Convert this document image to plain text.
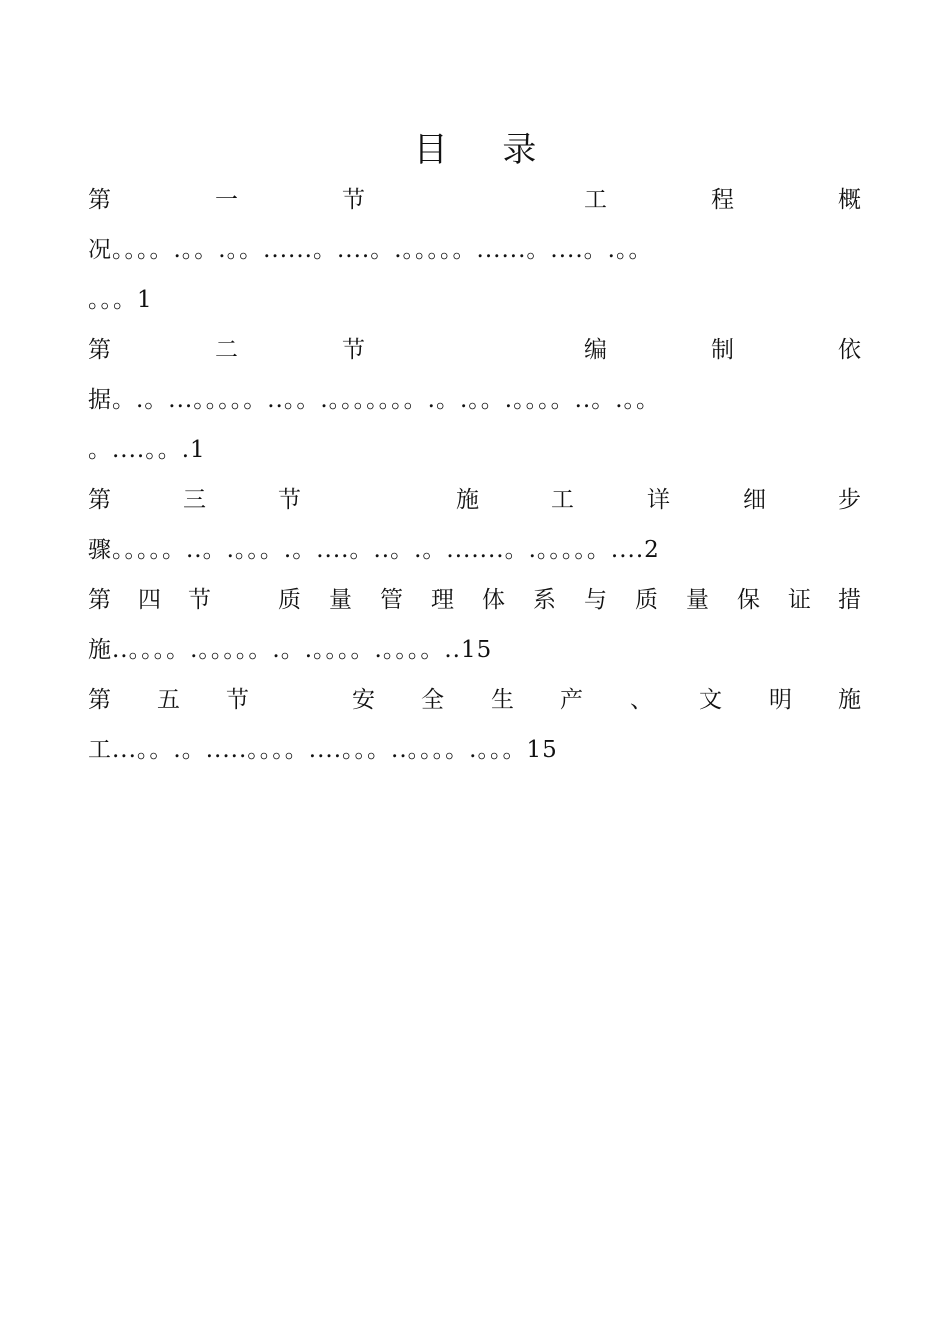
目 录
第	一	节	工	程	概
况。。。。.。。.。。......。....。.。。。。。......。....。.。。
。。。1
第	二	节	编	制	依
据。.。...。。。。。..。。.。。。。。。。.。.。。.。。。。..。.。。
。....。。.1
第	三	节	施	工	详	细	步
骤。。。。。..。.。。。.。....。..。.。.......。.。。。。。....2
第 四 节	质 量 管 理 体 系 与 质 量 保 证 措
施..。。。。.。。。。。.。.。。。。.。。。。..15
第 五 节	安 全 生 产 、 文 明 施
工...。。.。.....。。。。....。。。..。。。。.。。。15
